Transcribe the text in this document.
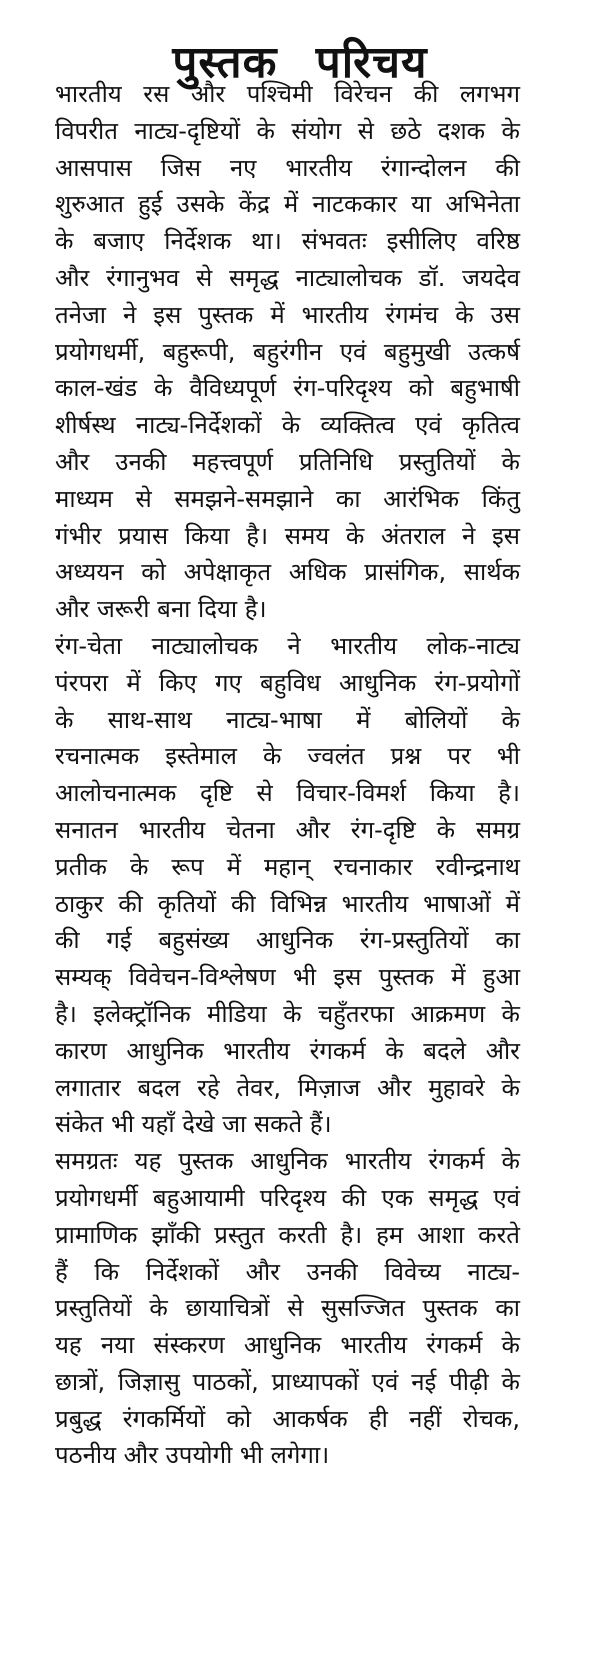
पुस्तक परिचय
भारतीय रस और पश्चिमी विरेचन की लगभग
विपरीत नाट्य-दृष्टियों के संयोग से छठे दशक के
आसपास जिस नए भारतीय रंगान्दोलन की
शुरुआत हुई उसके केंद्र में नाटककार या अभिनेता
के बजाए निर्देशक था। संभवतः इसीलिए वरिष्ठ
और रंगानुभव से समृद्ध नाट्यालोचक डॉ. जयदेव
तनेजा ने इस पुस्तक में भारतीय रंगमंच के उस
प्रयोगधर्मी, बहुरूपी, बहुरंगीन एवं बहुमुखी उत्कर्ष
काल-खंड के वैविध्यपूर्ण रंग-परिदृश्य को बहुभाषी
शीर्षस्थ नाट्य-निर्देशकों के व्यक्तित्व एवं कृतित्व
और उनकी महत्त्वपूर्ण प्रतिनिधि प्रस्तुतियों के
माध्यम से समझने-समझाने का आरंभिक किंतु
गंभीर प्रयास किया है। समय के अंतराल ने इस
अध्ययन को अपेक्षाकृत अधिक प्रासंगिक, सार्थक
और जरूरी बना दिया है।
रंग-चेता नाट्यालोचक ने भारतीय लोक-नाट्य
पंरपरा में किए गए बहुविध आधुनिक रंग-प्रयोगों
के साथ-साथ नाट्य-भाषा में बोलियों के
रचनात्मक इस्तेमाल के ज्वलंत प्रश्न पर भी
आलोचनात्मक दृष्टि से विचार-विमर्श किया है।
सनातन भारतीय चेतना और रंग-दृष्टि के समग्र
प्रतीक के रूप में महान् रचनाकार रवीन्द्रनाथ
ठाकुर की कृतियों की विभिन्न भारतीय भाषाओं में
की गई बहुसंख्य आधुनिक रंग-प्रस्तुतियों का
सम्यक् विवेचन-विश्लेषण भी इस पुस्तक में हुआ
है। इलेक्ट्रॉनिक मीडिया के चहुँतरफा आक्रमण के
कारण आधुनिक भारतीय रंगकर्म के बदले और
लगातार बदल रहे तेवर, मिज़ाज और मुहावरे के
संकेत भी यहाँ देखे जा सकते हैं।
समग्रतः यह पुस्तक आधुनिक भारतीय रंगकर्म के
प्रयोगधर्मी बहुआयामी परिदृश्य की एक समृद्ध एवं
प्रामाणिक झाँकी प्रस्तुत करती है। हम आशा करते
हैं कि निर्देशकों और उनकी विवेच्य नाट्य-
प्रस्तुतियों के छायाचित्रों से सुसज्जित पुस्तक का
यह नया संस्करण आधुनिक भारतीय रंगकर्म के
छात्रों, जिज्ञासु पाठकों, प्राध्यापकों एवं नई पीढ़ी के
प्रबुद्ध रंगकर्मियों को आकर्षक ही नहीं रोचक,
पठनीय और उपयोगी भी लगेगा।
